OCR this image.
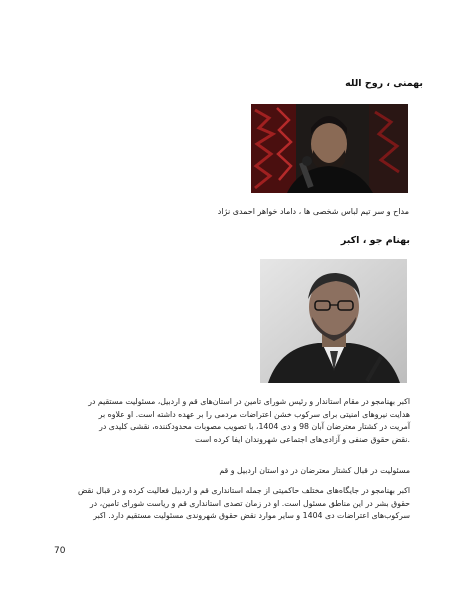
بهمنی ، روح الله
مداح و سر تیم لباس شخصی ها ، داماد خواهر احمدی نژاد
بهنام جو ، اکبر
اکبر بهنامجو در مقام استاندار و رئیس شورای تامین در استان‌های قم و اردبیل، مسئولیت مستقیم در
هدایت نیروهای امنیتی برای سرکوب خشن اعتراضات مردمی را بر عهده داشته است. او علاوه بر
آمریت در کشتار معترضان آبان 98 و دی 1404، با تصویب مصوبات محدودکننده، نقشی کلیدی در
.نقض حقوق صنفی و آزادی‌های اجتماعی شهروندان ایفا کرده است
مسئولیت در قبال کشتار معترضان در دو استان اردبیل و قم
اکبر بهنامجو در جایگاه‌های مختلف حاکمیتی از جمله استانداری قم و اردبیل فعالیت کرده و در قبال نقض
حقوق بشر در این مناطق مسئول است. او در زمان تصدی استانداری قم و ریاست شورای تامین، در
سرکوب‌های اعتراضات دی 1404 و سایر موارد نقض حقوق شهروندی مسئولیت مستقیم دارد. اکبر
70
